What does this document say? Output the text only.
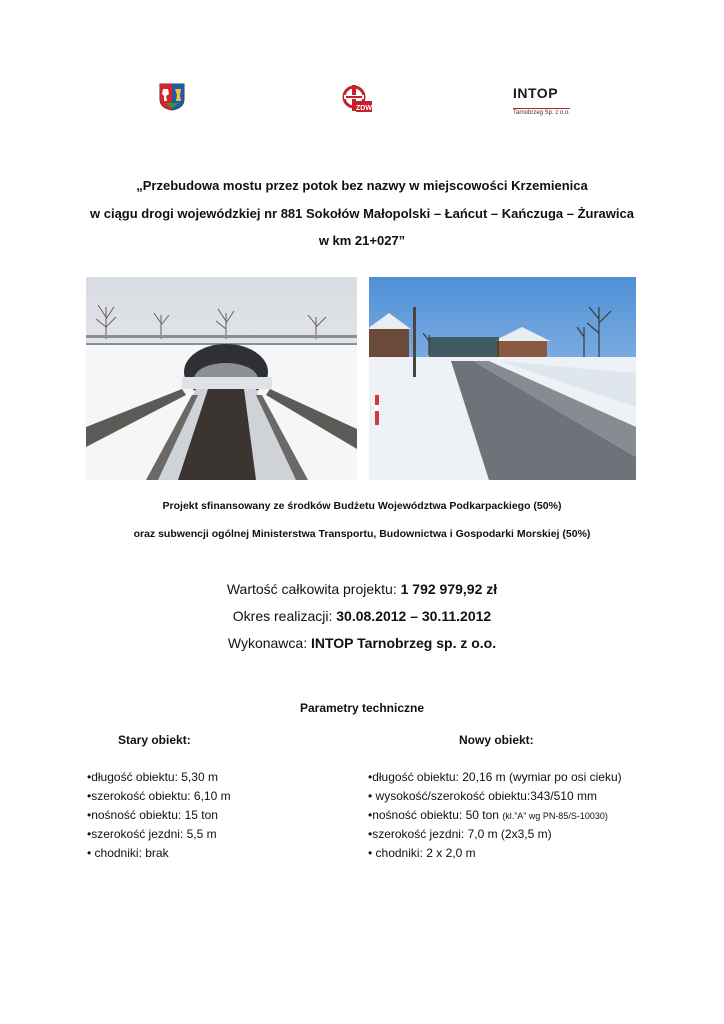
ZDW
INTOP
Tarnobrzeg Sp. z o.o.
„Przebudowa mostu przez potok bez nazwy w miejscowości Krzemienica
w ciągu drogi wojewódzkiej nr 881 Sokołów Małopolski – Łańcut – Kańczuga – Żurawica
w km 21+027”
Projekt sfinansowany ze środków Budżetu Województwa Podkarpackiego (50%)
oraz subwencji ogólnej Ministerstwa Transportu, Budownictwa i Gospodarki Morskiej (50%)
Wartość całkowita projektu: 1 792 979,92 zł
Okres realizacji: 30.08.2012 – 30.11.2012
Wykonawca: INTOP Tarnobrzeg sp. z o.o.
Parametry techniczne
Stary obiekt:	Nowy obiekt:
•długość obiektu: 5,30 m
•szerokość obiektu: 6,10 m
•nośność obiektu: 15 ton
•szerokość jezdni: 5,5 m
• chodniki: brak
•długość obiektu: 20,16 m (wymiar po osi cieku)
• wysokość/szerokość obiektu:343/510 mm
•nośność obiektu: 50 ton (kl.”A” wg PN-85/S-10030)
•szerokość jezdni: 7,0 m (2x3,5 m)
• chodniki: 2 x 2,0 m
